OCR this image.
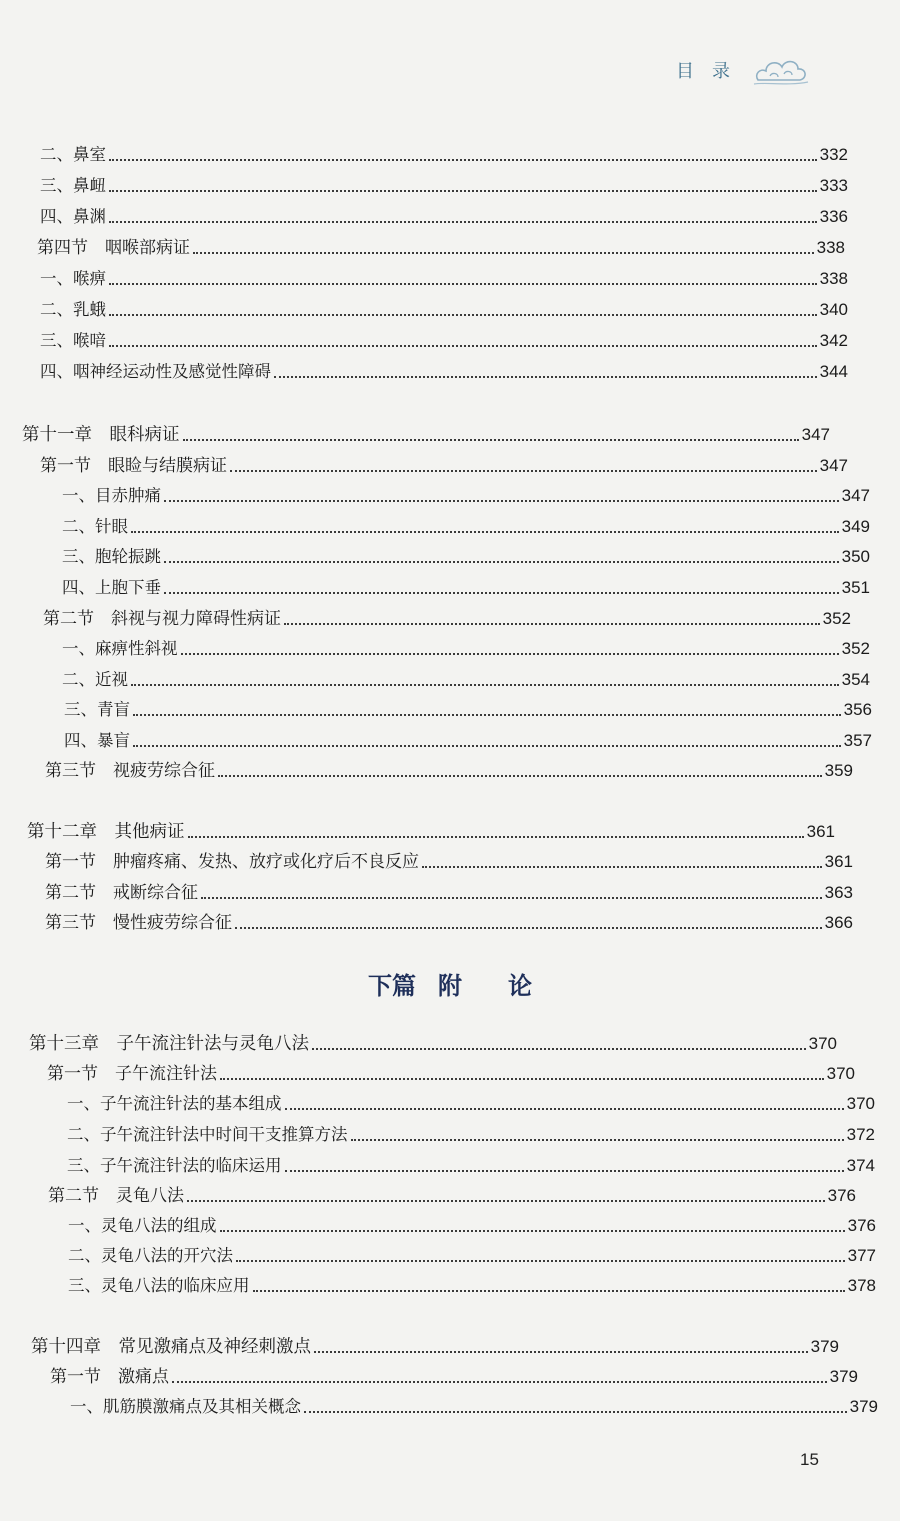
目 录
二、鼻室	332
三、鼻衄	333
四、鼻渊	336
第四节　咽喉部病证	338
一、喉痹	338
二、乳蛾	340
三、喉喑	342
四、咽神经运动性及感觉性障碍	344
第十一章　眼科病证	347
第一节　眼睑与结膜病证	347
一、目赤肿痛	347
二、针眼	349
三、胞轮振跳	350
四、上胞下垂	351
第二节　斜视与视力障碍性病证	352
一、麻痹性斜视	352
二、近视	354
三、青盲	356
四、暴盲	357
第三节　视疲劳综合征	359
第十二章　其他病证	361
第一节　肿瘤疼痛、发热、放疗或化疗后不良反应	361
第二节　戒断综合征	363
第三节　慢性疲劳综合征	366
第十三章　子午流注针法与灵龟八法	370
第一节　子午流注针法	370
一、子午流注针法的基本组成	370
二、子午流注针法中时间干支推算方法	372
三、子午流注针法的临床运用	374
第二节　灵龟八法	376
一、灵龟八法的组成	376
二、灵龟八法的开穴法	377
三、灵龟八法的临床应用	378
第十四章　常见激痛点及神经刺激点	379
第一节　激痛点	379
一、肌筋膜激痛点及其相关概念	379
下篇 附 论
15
